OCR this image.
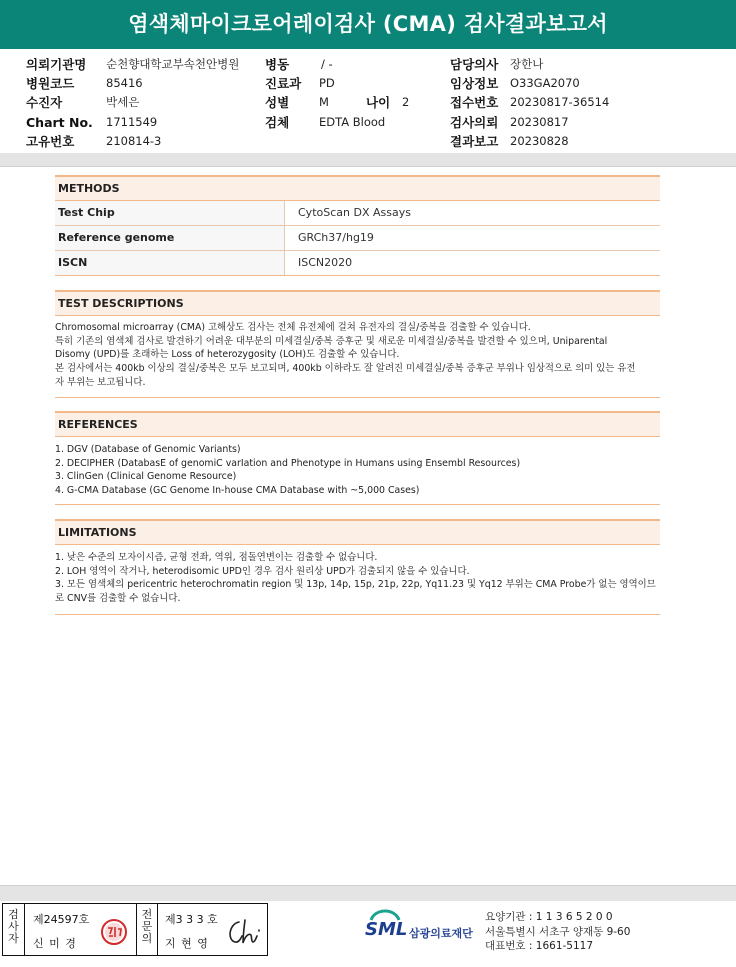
염색체마이크로어레이검사 (CMA) 검사결과보고서
의뢰기관명 순천향대학교부속천안병원 병동	/ -	담당의사 장한나
병원코드	85416	진료과 PD	임상정보 O33GA2070
수진자	박세은	성별	M	나이 2	접수번호 20230817-36514
Chart No. 1711549	검체	EDTA Blood	검사의뢰 20230817
고유번호	210814-3	결과보고 20230828
METHODS
Test Chip	CytoScan DX Assays
Reference genome	GRCh37/hg19
ISCN	ISCN2020
TEST DESCRIPTIONS
Chromosomal microarray (CMA) 고해상도 검사는 전체 유전체에 걸쳐 유전자의 결실/중복을 검출할 수 있습니다.
특히 기존의 염색체 검사로 발견하기 어려운 대부분의 미세결실/중복 증후군 및 새로운 미세결실/중복을 발견할 수 있으며, Uniparental
Disomy (UPD)를 초래하는 Loss of heterozygosity (LOH)도 검출할 수 있습니다.
본 검사에서는 400kb 이상의 결실/중복은 모두 보고되며, 400kb 이하라도 잘 알려진 미세결실/중복 증후군 부위나 임상적으로 의미 있는 유전
자 부위는 보고됩니다.
REFERENCES
1. DGV (Database of Genomic Variants)
2. DECIPHER (DatabasE of genomiC varIation and Phenotype in Humans using Ensembl Resources)
3. ClinGen (Clinical Genome Resource)
4. G-CMA Database (GC Genome In-house CMA Database with ~5,000 Cases)
LIMITATIONS
1. 낮은 수준의 모자이시즘, 균형 전좌, 역위, 점돌연변이는 검출할 수 없습니다.
2. LOH 영역이 작거나, heterodisomic UPD인 경우 검사 원리상 UPD가 검출되지 않을 수 있습니다.
3. 모든 염색체의 pericentric heterochromatin region 및 13p, 14p, 15p, 21p, 22p, Yq11.23 및 Yq12 부위는 CMA Probe가 없는 영역이므
로 CNV를 검출할 수 없습니다.
검
사
자
제24597호
신 미 경
전
문
의
제3 3 3 호
지 현 영
SML 삼광의료재단
요양기관 : 1 1 3 6 5 2 0 0
서울특별시 서초구 양재동 9-60
대표번호 : 1661-5117
